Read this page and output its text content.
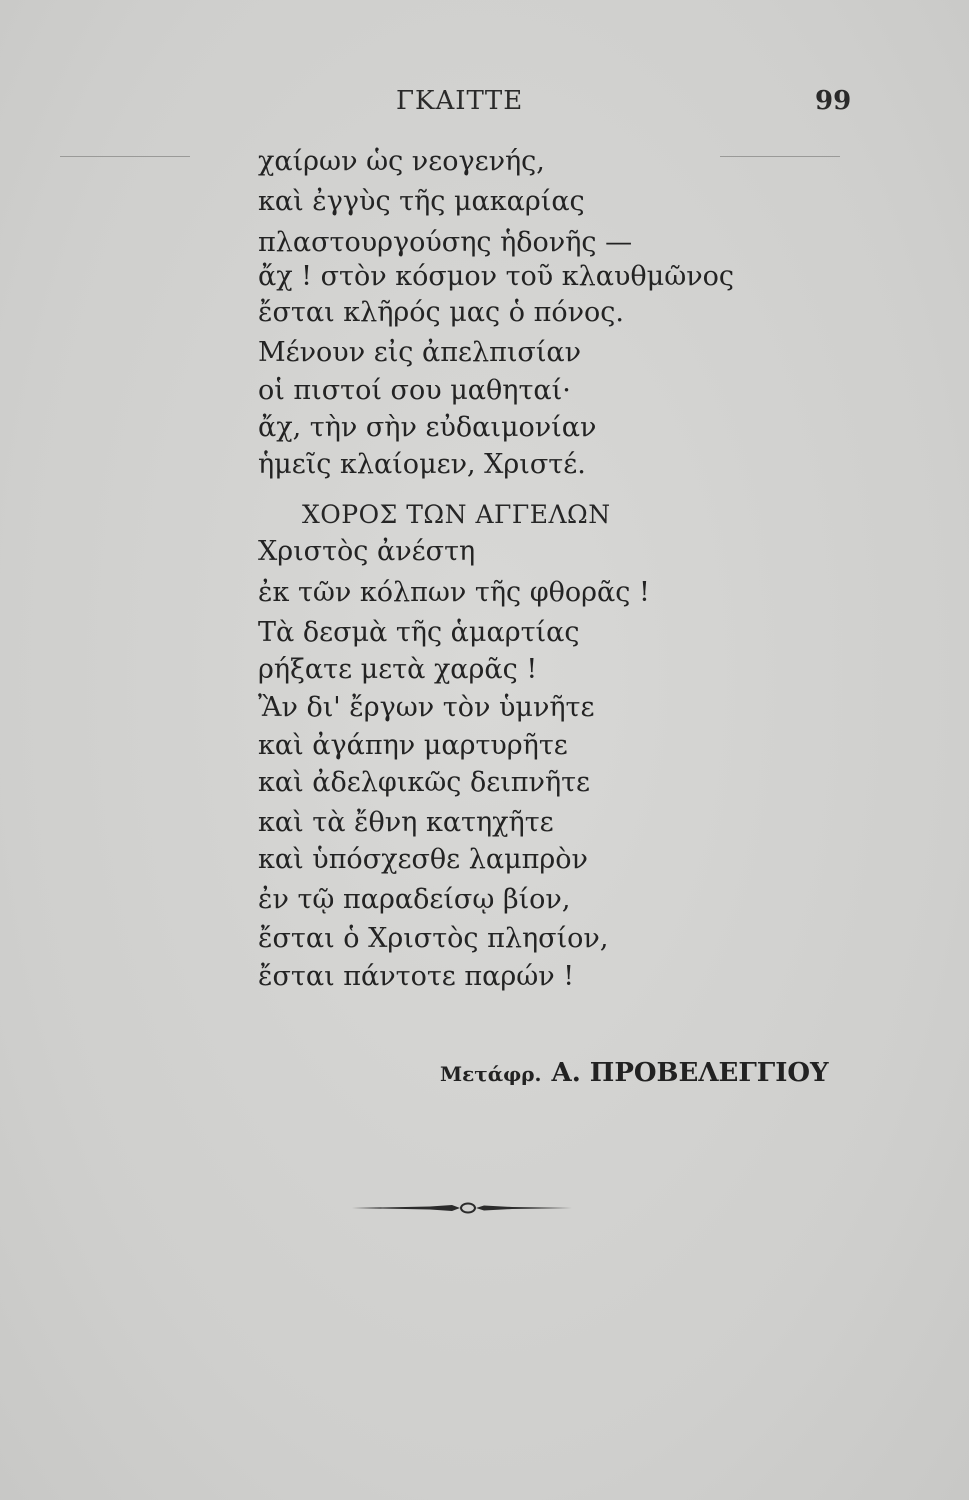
ΓΚΑΙΤΤΕ	99
χαίρων ὡς νεογενής,
καὶ ἐγγὺς τῆς μακαρίας
πλαστουργούσης ἡδονῆς —
ἄχ ! στὸν κόσμον τοῦ κλαυθμῶνος
ἔσται κλῆρός μας ὁ πόνος.
Μένουν εἰς ἀπελπισίαν
οἱ πιστοί σου μαθηταί·
ἄχ, τὴν σὴν εὐδαιμονίαν
ἡμεῖς κλαίομεν, Χριστέ.
ΧΟΡΟΣ ΤΩΝ ΑΓΓΕΛΩΝ
Χριστὸς ἀνέστη
ἐκ τῶν κόλπων τῆς φθορᾶς !
Τὰ δεσμὰ τῆς ἁμαρτίας
ρήξατε μετὰ χαρᾶς !
Ἂν δι' ἔργων τὸν ὑμνῆτε
καὶ ἀγάπην μαρτυρῆτε
καὶ ἀδελφικῶς δειπνῆτε
καὶ τὰ ἔθνη κατηχῆτε
καὶ ὑπόσχεσθε λαμπρὸν
ἐν τῷ παραδείσῳ βίον,
ἔσται ὁ Χριστὸς πλησίον,
ἔσται πάντοτε παρών !
Μετάφρ. Α. ΠΡΟΒΕΛΕΓΓΙΟΥ
